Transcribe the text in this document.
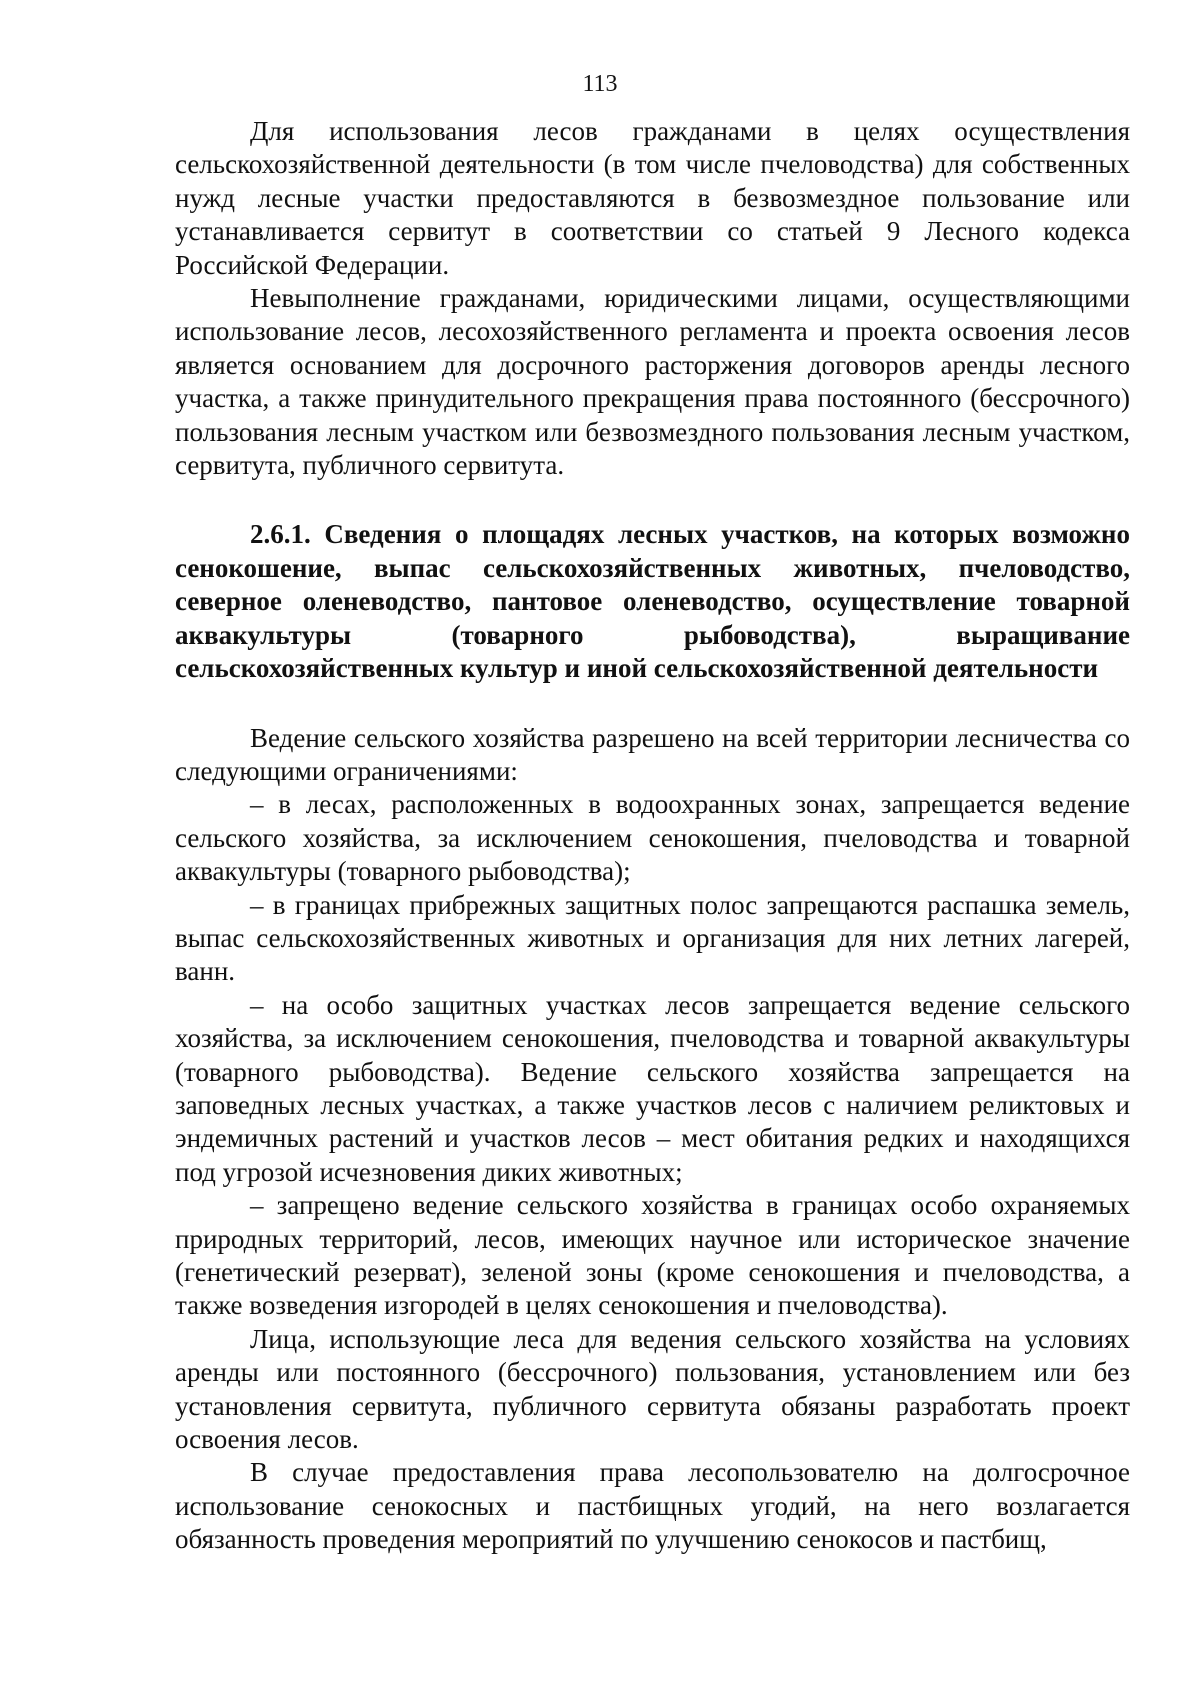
113

Для использования лесов гражданами в целях осуществления сельскохозяйственной деятельности (в том числе пчеловодства) для собственных нужд лесные участки предоставляются в безвозмездное пользование или устанавливается сервитут в соответствии со статьей 9 Лесного кодекса Российской Федерации.

Невыполнение гражданами, юридическими лицами, осуществляющими использование лесов, лесохозяйственного регламента и проекта освоения лесов является основанием для досрочного расторжения договоров аренды лесного участка, а также принудительного прекращения права постоянного (бессрочного) пользования лесным участком или безвозмездного пользования лесным участком, сервитута, публичного сервитута.

2.6.1. Сведения о площадях лесных участков, на которых возможно сенокошение, выпас сельскохозяйственных животных, пчеловодство, северное оленеводство, пантовое оленеводство, осуществление товарной аквакультуры (товарного рыбоводства), выращивание сельскохозяйственных культур и иной сельскохозяйственной деятельности

Ведение сельского хозяйства разрешено на всей территории лесничества со следующими ограничениями:

– в лесах, расположенных в водоохранных зонах, запрещается ведение сельского хозяйства, за исключением сенокошения, пчеловодства и товарной аквакультуры (товарного рыбоводства);

– в границах прибрежных защитных полос запрещаются распашка земель, выпас сельскохозяйственных животных и организация для них летних лагерей, ванн.

– на особо защитных участках лесов запрещается ведение сельского хозяйства, за исключением сенокошения, пчеловодства и товарной аквакультуры (товарного рыбоводства). Ведение сельского хозяйства запрещается на заповедных лесных участках, а также участков лесов с наличием реликтовых и эндемичных растений и участков лесов – мест обитания редких и находящихся под угрозой исчезновения диких животных;

– запрещено ведение сельского хозяйства в границах особо охраняемых природных территорий, лесов, имеющих научное или историческое значение (генетический резерват), зеленой зоны (кроме сенокошения и пчеловодства, а также возведения изгородей в целях сенокошения и пчеловодства).

Лица, использующие леса для ведения сельского хозяйства на условиях аренды или постоянного (бессрочного) пользования, установлением или без установления сервитута, публичного сервитута обязаны разработать проект освоения лесов.

В случае предоставления права лесопользователю на долгосрочное использование сенокосных и пастбищных угодий, на него возлагается обязанность проведения мероприятий по улучшению сенокосов и пастбищ,
